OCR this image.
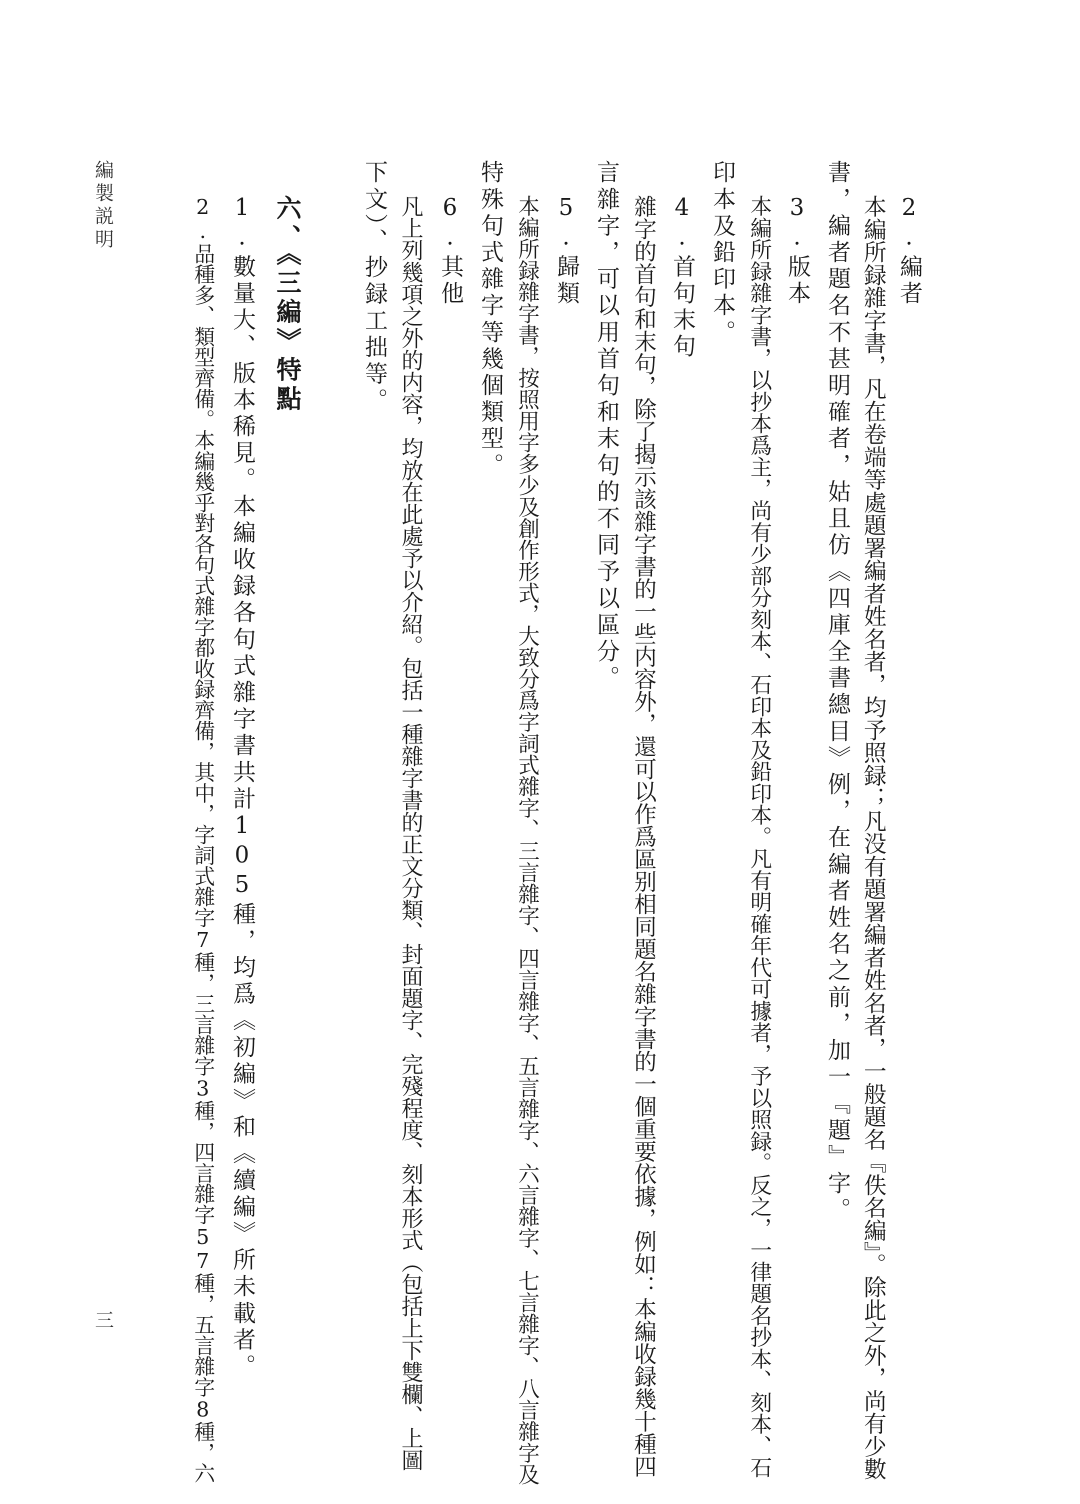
編製説明
三
2.編者
本編所録雜字書，凡在卷端等處題署編者姓名者，均予照録；凡没有題署編者姓名者，一般題名『佚名編』。除此之外，尚有少數
書，編者題名不甚明確者，姑且仿《四庫全書總目》例，在編者姓名之前，加一『題』字。
3.版本
本編所録雜字書，以抄本爲主，尚有少部分刻本、石印本及鉛印本。凡有明確年代可據者，予以照録。反之，一律題名抄本、刻本、石
印本及鉛印本。
4.首句末句
雜字的首句和末句，除了揭示該雜字書的一些内容外，還可以作爲區别相同題名雜字書的一個重要依據，例如：本編收録幾十種四
言雜字，可以用首句和末句的不同予以區分。
5.歸類
本編所録雜字書，按照用字多少及創作形式，大致分爲字詞式雜字、三言雜字、四言雜字、五言雜字、六言雜字、七言雜字、八言雜字及
特殊句式雜字等幾個類型。
6.其他
凡上列幾項之外的内容，均放在此處予以介紹。包括一種雜字書的正文分類、封面題字、完殘程度、刻本形式（包括上下雙欄、上圖
下文）、抄録工拙等。
六、《三編》特點
1.數量大、版本稀見。本編收録各句式雜字書共計105種，均爲《初編》和《續編》所未載者。
2.品種多、類型齊備。本編幾乎對各句式雜字都收録齊備，其中，字詞式雜字7種，三言雜字3種，四言雜字57種，五言雜字8種，六
